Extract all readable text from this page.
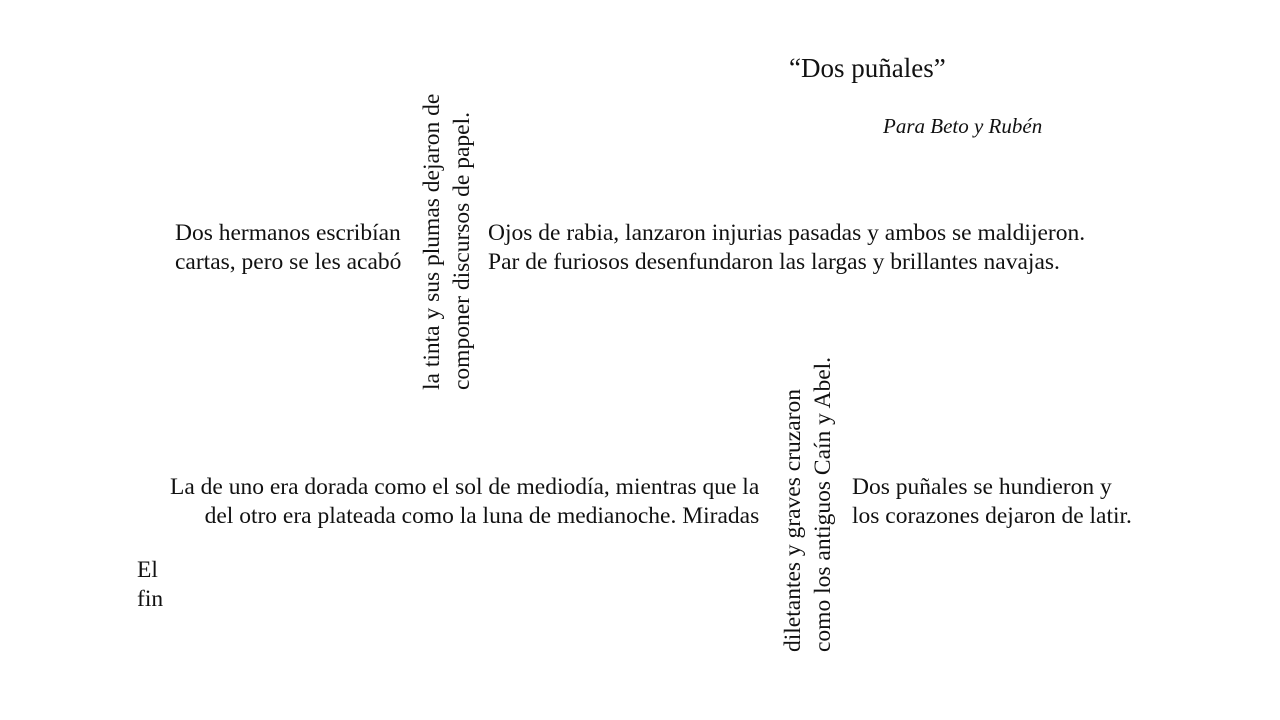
“Dos puñales”
Para Beto y Rubén
Dos hermanos escribían
cartas, pero se les acabó la tinta y sus plumas dejaron de componer discursos de papel. Ojos de rabia, lanzaron injurias pasadas y ambos se maldijeron.
Par de furiosos desenfundaron las largas y brillantes navajas.
La de uno era dorada como el sol de mediodía, mientras que la
del otro era plateada como la luna de medianoche. Miradas diletantes y graves cruzaron como los antiguos Caín y Abel. Dos puñales se hundieron y
los corazones dejaron de latir.
El
fin
